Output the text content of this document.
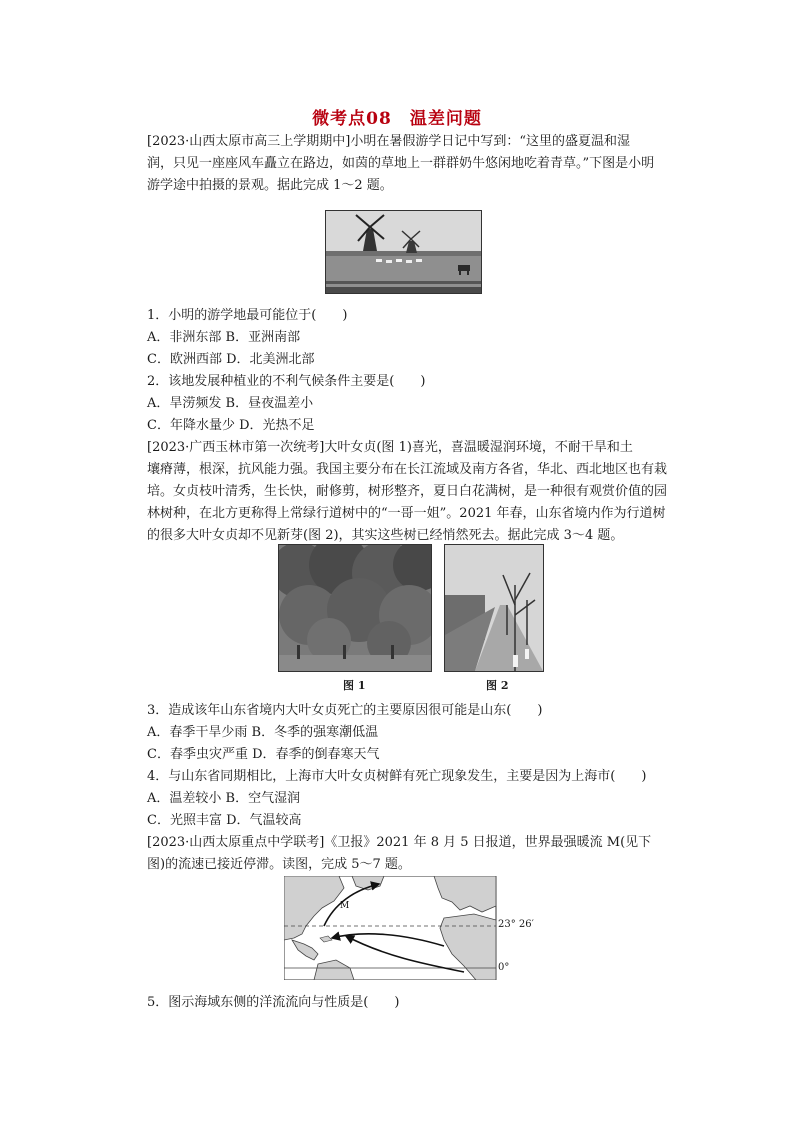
微考点08　温差问题
[2023·山西太原市高三上学期期中]小明在暑假游学日记中写到：“这里的盛夏温和湿
润，只见一座座风车矗立在路边，如茵的草地上一群群奶牛悠闲地吃着青草。”下图是小明
游学途中拍摄的景观。据此完成 1～2 题。
1．小明的游学地最可能位于(　　)
A．非洲东部 B．亚洲南部
C．欧洲西部 D．北美洲北部
2．该地发展种植业的不利气候条件主要是(　　)
A．旱涝频发 B．昼夜温差小
C．年降水量少 D．光热不足
[2023·广西玉林市第一次统考]大叶女贞(图 1)喜光，喜温暖湿润环境，不耐干旱和土
壤瘠薄，根深，抗风能力强。我国主要分布在长江流域及南方各省，华北、西北地区也有栽
培。女贞枝叶清秀，生长快，耐修剪，树形整齐，夏日白花满树，是一种很有观赏价值的园
林树种，在北方更称得上常绿行道树中的“一哥一姐”。2021 年春，山东省境内作为行道树
的很多大叶女贞却不见新芽(图 2)，其实这些树已经悄然死去。据此完成 3～4 题。
图 1	图 2
3．造成该年山东省境内大叶女贞死亡的主要原因很可能是山东(　　)
A．春季干旱少雨 B．冬季的强寒潮低温
C．春季虫灾严重 D．春季的倒春寒天气
4．与山东省同期相比，上海市大叶女贞树鲜有死亡现象发生，主要是因为上海市(　　)
A．温差较小 B．空气湿润
C．光照丰富 D．气温较高
[2023·山西太原重点中学联考]《卫报》2021 年 8 月 5 日报道，世界最强暖流 M(见下
图)的流速已接近停滞。读图，完成 5～7 题。
M
23° 26′
0°
5．图示海域东侧的洋流流向与性质是(　　)
